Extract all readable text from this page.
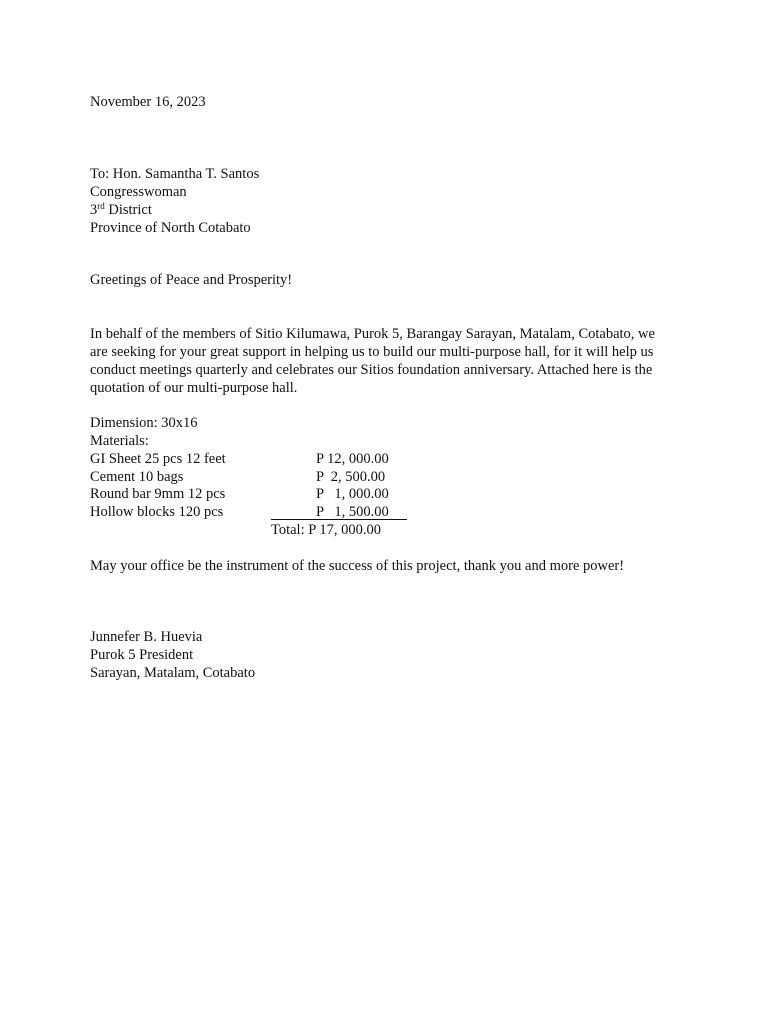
November 16, 2023
To: Hon. Samantha T. Santos
Congresswoman
3rd District
Province of North Cotabato
Greetings of Peace and Prosperity!
In behalf of the members of Sitio Kilumawa, Purok 5, Barangay Sarayan, Matalam, Cotabato, we
are seeking for your great support in helping us to build our multi-purpose hall, for it will help us
conduct meetings quarterly and celebrates our Sitios foundation anniversary. Attached here is the
quotation of our multi-purpose hall.
Dimension: 30x16
Materials:
GI Sheet 25 pcs 12 feet	P 12, 000.00
Cement 10 bags	P  2, 500.00
Round bar 9mm 12 pcs	P   1, 000.00
Hollow blocks 120 pcs	P   1, 500.00
Total: P 17, 000.00
May your office be the instrument of the success of this project, thank you and more power!
Junnefer B. Huevia
Purok 5 President
Sarayan, Matalam, Cotabato
